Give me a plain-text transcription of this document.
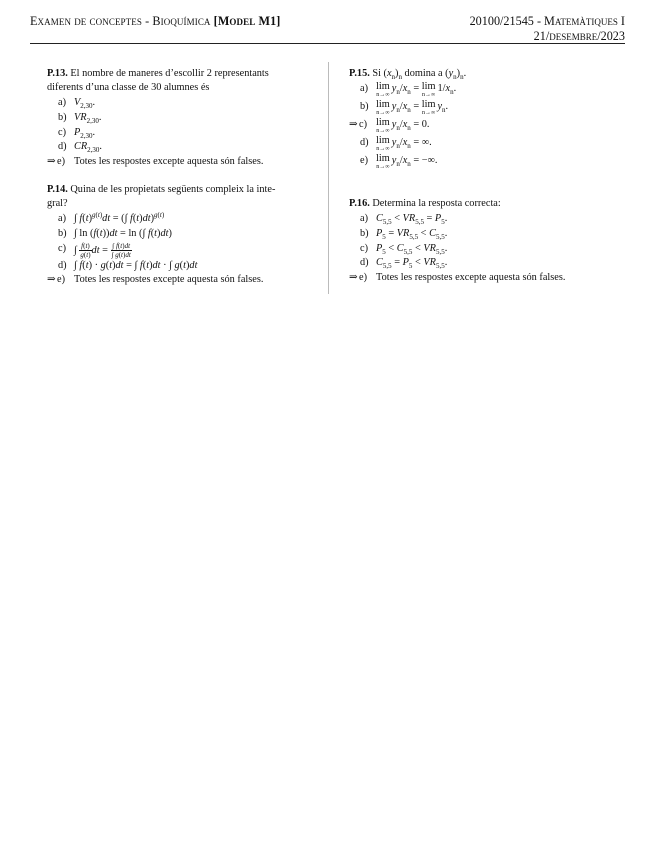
Examen de conceptes - Bioquímica [Model M1]	20100/21545 - Matemàtiques I
21/desembre/2023

P.13. El nombre de maneres d’escollir 2 representants
diferents d’una classe de 30 alumnes és

a) $V_{2,30}$.
b) $VR_{2,30}$.
c) $P_{2,30}$.
d) $CR_{2,30}$.
⇒ e) Totes les respostes excepte aquesta són falses.

P.14. Quina de les propietats següents compleix la inte-
gral?

a) ∫ $f(t)^{g(t)}dt$ = (∫ f(t)dt)$^{g(t)}$
b) ∫ ln (f(t))dt = ln (∫ f(t)dt)
c) ∫ $\frac{f(t)}{g(t)}$ dt = $\frac{\int f(t)dt}{\int g(t)dt}$
d) ∫ f(t) · g(t)dt = ∫ f(t)dt · ∫ g(t)dt
⇒ e) Totes les respostes excepte aquesta són falses.

P.15. Si $(x_n)_n$ domina a $(y_n)_n$.

a) lim
n→∞
$y_n/x_n = \lim$
n→∞
$1/x_n$.
b) lim
n→∞
$y_n/x_n = \lim$
n→∞
$y_n$.
⇒ c) lim
n→∞
$y_n/x_n = 0$.
d) lim
n→∞
$y_n/x_n$ = ∞.
e) lim
n→∞
$y_n/x_n$ = −∞.

P.16. Determina la resposta correcta:

a) $C_{5,5} < VR_{5,5} = P_5$.
b) $P_5 = VR_{5,5} < C_{5,5}$.
c) $P_5 < C_{5,5} < VR_{5,5}$.
d) $C_{5,5} = P_5 < VR_{5,5}$.
⇒ e) Totes les respostes excepte aquesta són falses.
